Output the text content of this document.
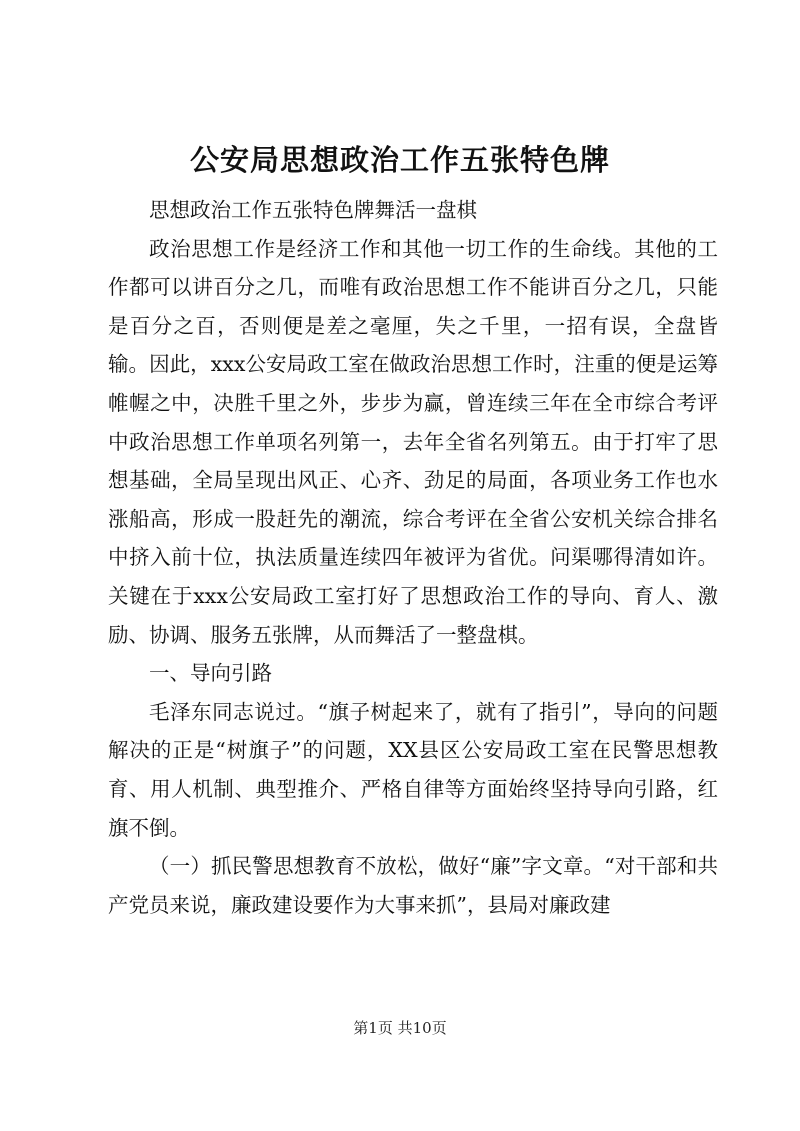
公安局思想政治工作五张特色牌

思想政治工作五张特色牌舞活一盘棋

政治思想工作是经济工作和其他一切工作的生命线。其他的工作都可以讲百分之几，而唯有政治思想工作不能讲百分之几，只能是百分之百，否则便是差之毫厘，失之千里，一招有误，全盘皆输。因此，xxx公安局政工室在做政治思想工作时，注重的便是运筹帷幄之中，决胜千里之外，步步为赢，曾连续三年在全市综合考评中政治思想工作单项名列第一，去年全省名列第五。由于打牢了思想基础，全局呈现出风正、心齐、劲足的局面，各项业务工作也水涨船高，形成一股赶先的潮流，综合考评在全省公安机关综合排名中挤入前十位，执法质量连续四年被评为省优。问渠哪得清如许。关键在于xxx公安局政工室打好了思想政治工作的导向、育人、激励、协调、服务五张牌，从而舞活了一整盘棋。

一、导向引路

毛泽东同志说过。“旗子树起来了，就有了指引”，导向的问题解决的正是“树旗子”的问题，XX县区公安局政工室在民警思想教育、用人机制、典型推介、严格自律等方面始终坚持导向引路，红旗不倒。

（一）抓民警思想教育不放松，做好“廉”字文章。“对干部和共产党员来说，廉政建设要作为大事来抓”，县局对廉政建

第1页 共10页
